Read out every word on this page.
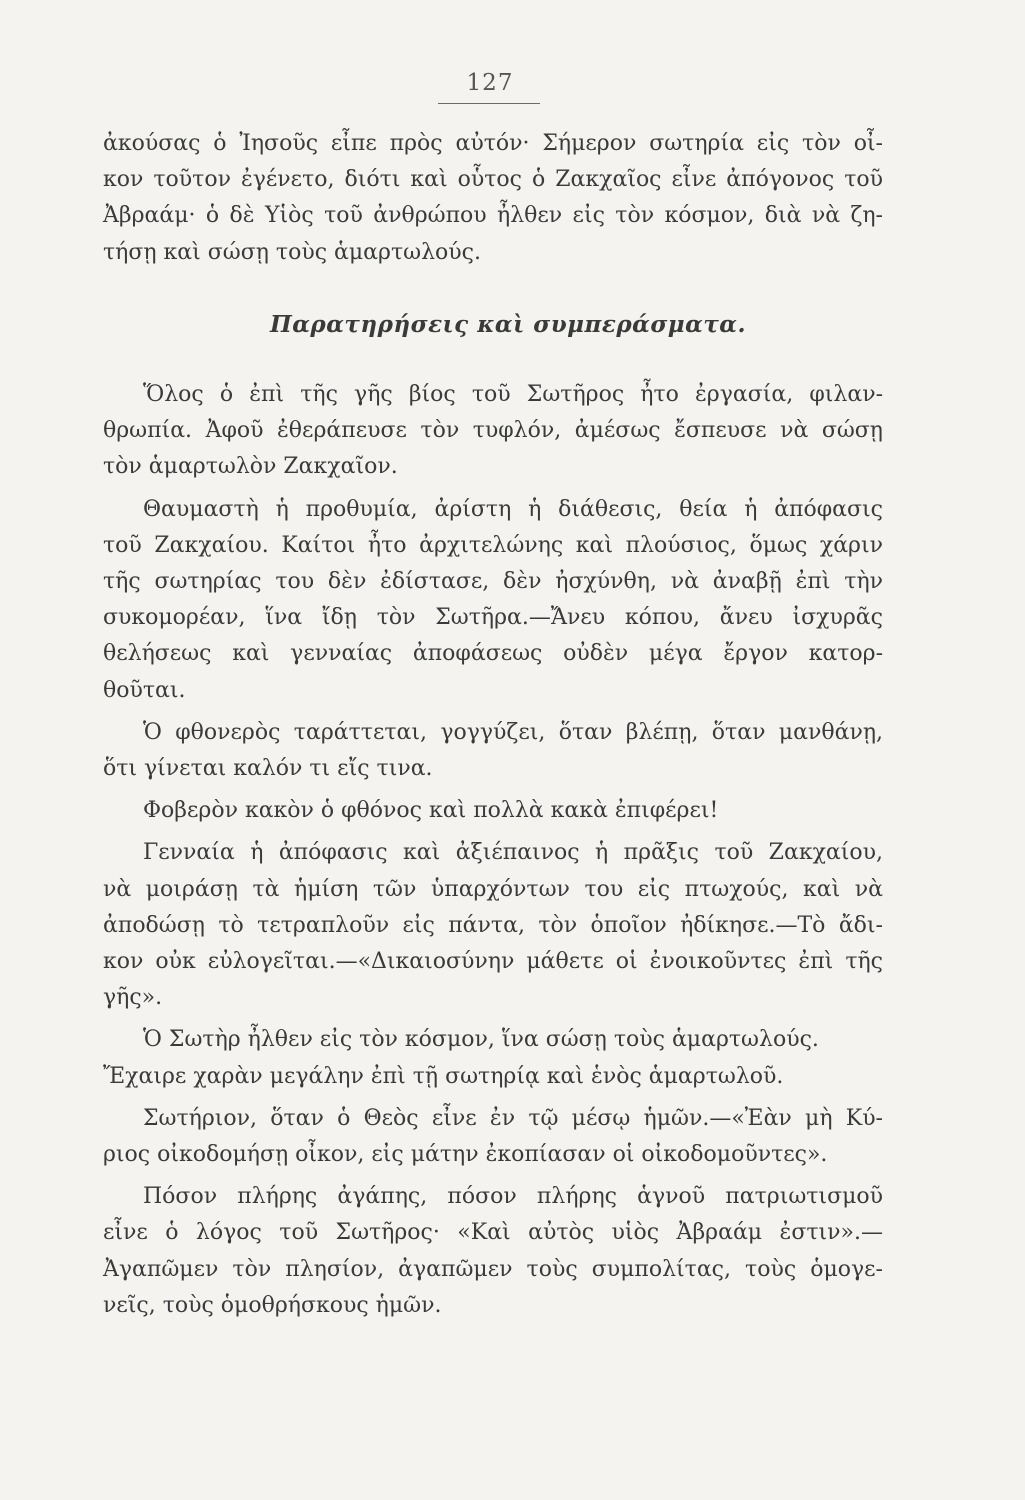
127
ἀκούσας ὁ Ἰησοῦς εἶπε πρὸς αὐτόν· Σήμερον σωτηρία εἰς τὸν οἶ-
κον τοῦτον ἐγένετο, διότι καὶ οὗτος ὁ Ζακχαῖος εἶνε ἀπόγονος τοῦ
Ἀβραάμ· ὁ δὲ Υἱὸς τοῦ ἀνθρώπου ἦλθεν εἰς τὸν κόσμον, διὰ νὰ ζη-
τήσῃ καὶ σώσῃ τοὺς ἁμαρτωλούς.
Παρατηρήσεις καὶ συμπεράσματα.
Ὅλος ὁ ἐπὶ τῆς γῆς βίος τοῦ Σωτῆρος ἦτο ἐργασία, φιλαν-
θρωπία. Ἀφοῦ ἐθεράπευσε τὸν τυφλόν, ἀμέσως ἔσπευσε νὰ σώσῃ
τὸν ἁμαρτωλὸν Ζακχαῖον.
Θαυμαστὴ ἡ προθυμία, ἀρίστη ἡ διάθεσις, θεία ἡ ἀπόφασις
τοῦ Ζακχαίου. Καίτοι ἦτο ἀρχιτελώνης καὶ πλούσιος, ὅμως χάριν
τῆς σωτηρίας του δὲν ἐδίστασε, δὲν ἠσχύνθη, νὰ ἀναβῇ ἐπὶ τὴν
συκομορέαν, ἵνα ἴδῃ τὸν Σωτῆρα.—Ἄνευ κόπου, ἄνευ ἰσχυρᾶς
θελήσεως καὶ γενναίας ἀποφάσεως οὐδὲν μέγα ἔργον κατορ-
θοῦται.
Ὁ φθονερὸς ταράττεται, γογγύζει, ὅταν βλέπῃ, ὅταν μανθάνῃ,
ὅτι γίνεται καλόν τι εἴς τινα.
Φοβερὸν κακὸν ὁ φθόνος καὶ πολλὰ κακὰ ἐπιφέρει!
Γενναία ἡ ἀπόφασις καὶ ἀξιέπαινος ἡ πρᾶξις τοῦ Ζακχαίου,
νὰ μοιράσῃ τὰ ἡμίση τῶν ὑπαρχόντων του εἰς πτωχούς, καὶ νὰ
ἀποδώσῃ τὸ τετραπλοῦν εἰς πάντα, τὸν ὁποῖον ἠδίκησε.—Τὸ ἄδι-
κον οὐκ εὐλογεῖται.—«Δικαιοσύνην μάθετε οἱ ἐνοικοῦντες ἐπὶ τῆς
γῆς».
Ὁ Σωτὴρ ἦλθεν εἰς τὸν κόσμον, ἵνα σώσῃ τοὺς ἁμαρτωλούς.
Ἔχαιρε χαρὰν μεγάλην ἐπὶ τῇ σωτηρίᾳ καὶ ἑνὸς ἁμαρτωλοῦ.
Σωτήριον, ὅταν ὁ Θεὸς εἶνε ἐν τῷ μέσῳ ἡμῶν.—«Ἐὰν μὴ Κύ-
ριος οἰκοδομήσῃ οἶκον, εἰς μάτην ἐκοπίασαν οἱ οἰκοδομοῦντες».
Πόσον πλήρης ἀγάπης, πόσον πλήρης ἁγνοῦ πατριωτισμοῦ
εἶνε ὁ λόγος τοῦ Σωτῆρος· «Καὶ αὐτὸς υἱὸς Ἀβραάμ ἐστιν».—
Ἀγαπῶμεν τὸν πλησίον, ἀγαπῶμεν τοὺς συμπολίτας, τοὺς ὁμογε-
νεῖς, τοὺς ὁμοθρήσκους ἡμῶν.
